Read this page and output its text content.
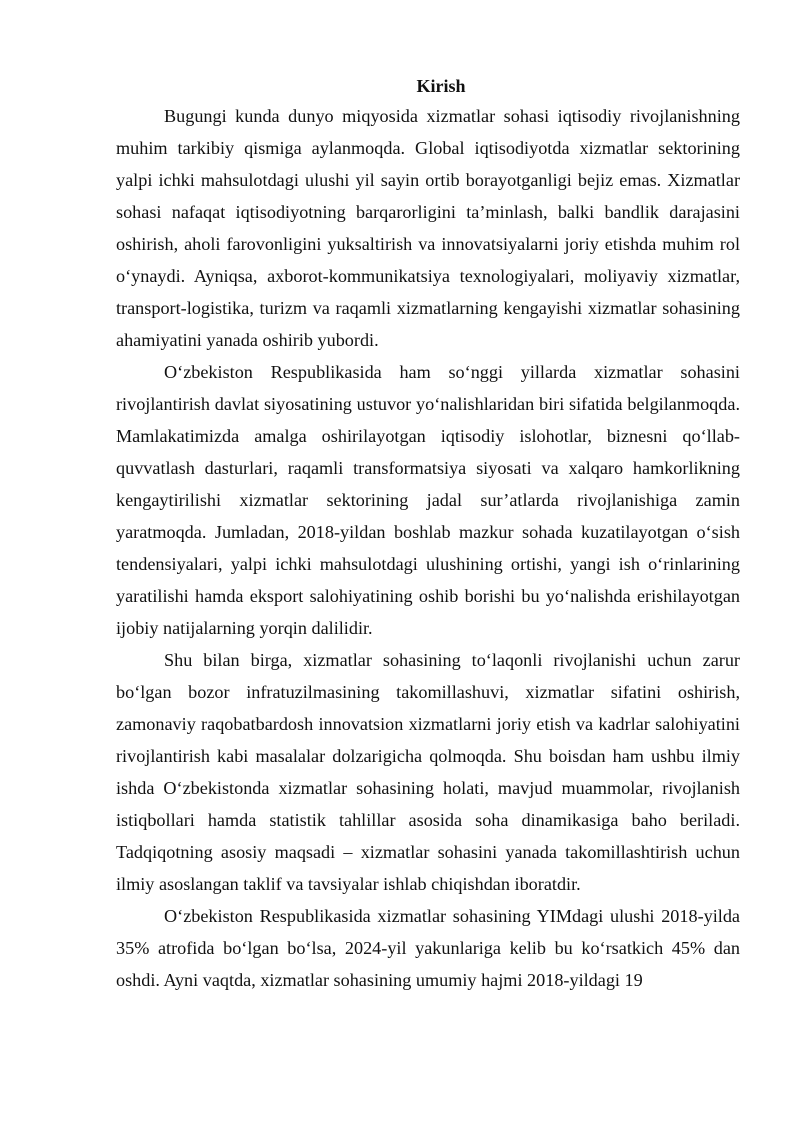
Kirish

Bugungi kunda dunyo miqyosida xizmatlar sohasi iqtisodiy rivojlanishning muhim tarkibiy qismiga aylanmoqda. Global iqtisodiyotda xizmatlar sektorining yalpi ichki mahsulotdagi ulushi yil sayin ortib borayotganligi bejiz emas. Xizmatlar sohasi nafaqat iqtisodiyotning barqarorligini ta’minlash, balki bandlik darajasini oshirish, aholi farovonligini yuksaltirish va innovatsiyalarni joriy etishda muhim rol o‘ynaydi. Ayniqsa, axborot-kommunikatsiya texnologiyalari, moliyaviy xizmatlar, transport-logistika, turizm va raqamli xizmatlarning kengayishi xizmatlar sohasining ahamiyatini yanada oshirib yubordi.

O‘zbekiston Respublikasida ham so‘nggi yillarda xizmatlar sohasini rivojlantirish davlat siyosatining ustuvor yo‘nalishlaridan biri sifatida belgilanmoqda. Mamlakatimizda amalga oshirilayotgan iqtisodiy islohotlar, biznesni qo‘llab-quvvatlash dasturlari, raqamli transformatsiya siyosati va xalqaro hamkorlikning kengaytirilishi xizmatlar sektorining jadal sur’atlarda rivojlanishiga zamin yaratmoqda. Jumladan, 2018-yildan boshlab mazkur sohada kuzatilayotgan o‘sish tendensiyalari, yalpi ichki mahsulotdagi ulushining ortishi, yangi ish o‘rinlarining yaratilishi hamda eksport salohiyatining oshib borishi bu yo‘nalishda erishilayotgan ijobiy natijalarning yorqin dalilidir.

Shu bilan birga, xizmatlar sohasining to‘laqonli rivojlanishi uchun zarur bo‘lgan bozor infratuzilmasining takomillashuvi, xizmatlar sifatini oshirish, zamonaviy raqobatbardosh innovatsion xizmatlarni joriy etish va kadrlar salohiyatini rivojlantirish kabi masalalar dolzarigicha qolmoqda. Shu boisdan ham ushbu ilmiy ishda O‘zbekistonda xizmatlar sohasining holati, mavjud muammolar, rivojlanish istiqbollari hamda statistik tahlillar asosida soha dinamikasiga baho beriladi. Tadqiqotning asosiy maqsadi – xizmatlar sohasini yanada takomillashtirish uchun ilmiy asoslangan taklif va tavsiyalar ishlab chiqishdan iboratdir.

O‘zbekiston Respublikasida xizmatlar sohasining YIMdagi ulushi 2018-yilda 35% atrofida bo‘lgan bo‘lsa, 2024-yil yakunlariga kelib bu ko‘rsatkich 45% dan oshdi. Ayni vaqtda, xizmatlar sohasining umumiy hajmi 2018-yildagi 19
